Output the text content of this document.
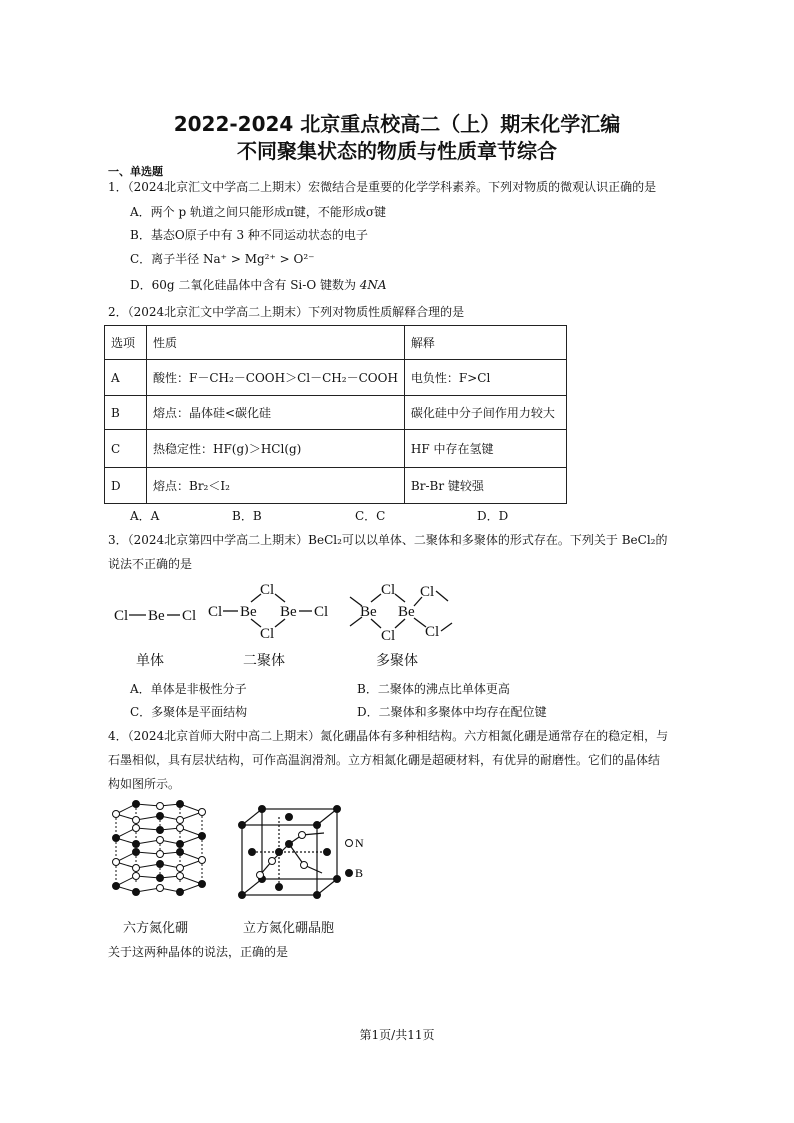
2022-2024 北京重点校高二（上）期末化学汇编
不同聚集状态的物质与性质章节综合
一、单选题
1．（2024北京汇文中学高二上期末）宏微结合是重要的化学学科素养。下列对物质的微观认识正确的是
A．两个 p 轨道之间只能形成π键，不能形成σ键
B．基态O原子中有 3 种不同运动状态的电子
C．离子半径 Na⁺ > Mg²⁺ > O²⁻
D．60g 二氧化硅晶体中含有 Si-O 键数为 4NA
2．（2024北京汇文中学高二上期末）下列对物质性质解释合理的是
选项	性质	解释
A	酸性：F－CH₂－COOH＞Cl－CH₂－COOH	电负性：F>Cl
B	熔点：晶体硅<碳化硅	碳化硅中分子间作用力较大
C	热稳定性：HF(g)＞HCl(g)	HF 中存在氢键
D	熔点：Br₂＜I₂	Br-Br 键较强
A．A	B．B	C．C	D．D
3．（2024北京第四中学高二上期末）BeCl₂可以以单体、二聚体和多聚体的形式存在。下列关于 BeCl₂的
说法不正确的是
Cl Be Cl Cl Be Be Cl
Cl
Cl
Be Be
Cl
Cl
Cl
Cl
单体	二聚体	多聚体
A．单体是非极性分子	B．二聚体的沸点比单体更高
C．多聚体是平面结构	D．二聚体和多聚体中均存在配位键
4．（2024北京首师大附中高二上期末）氮化硼晶体有多种相结构。六方相氮化硼是通常存在的稳定相，与
石墨相似，具有层状结构，可作高温润滑剂。立方相氮化硼是超硬材料，有优异的耐磨性。它们的晶体结
构如图所示。
N
B
六方氮化硼	立方氮化硼晶胞
关于这两种晶体的说法，正确的是
第1页/共11页
